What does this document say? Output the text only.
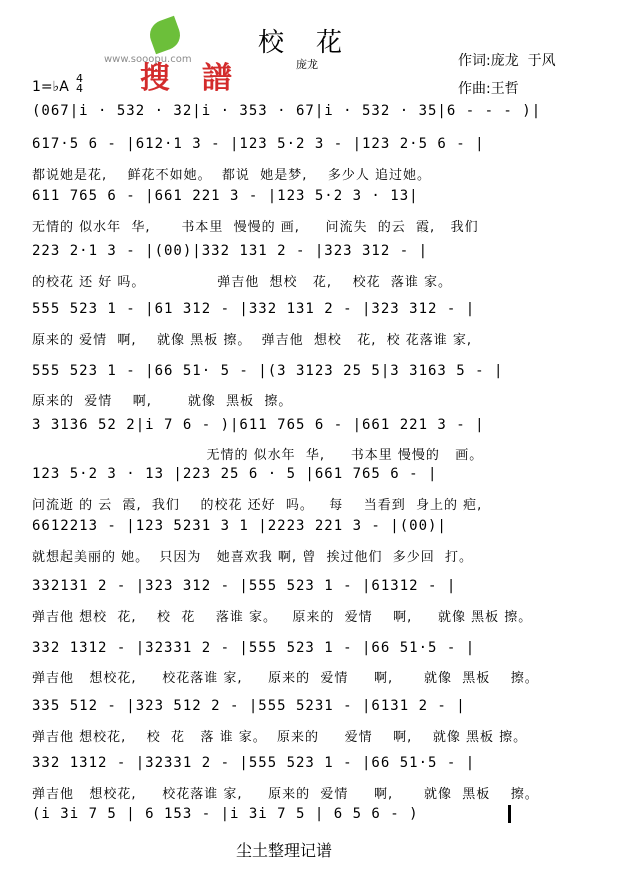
搜 譜

www.sooopu.com
校花
庞龙	作词:庞龙  于风
作曲:王哲
1=♭A
4
4
(067|i · 532 · 32|i · 353 · 67|i · 532 · 35|6 - - - )|
617·5 6 - |612·1 3 - |123 5·2 3 - |123 2·5 6 - |
都说她是花,    鲜花不如她。  都说  她是梦,    多少人 追过她。
611 765 6 - |661 221 3 - |123 5·2 3 · 13|
无情的 似水年  华,      书本里  慢慢的 画,     问流失  的云  霞,   我们
223 2·1 3 - |(00)|332 131 2 - |323 312 - |
的校花 还 好 吗。              弹吉他  想校   花,    校花  落谁 家。
555 523 1 - |61 312 - |332 131 2 - |323 312 - |
原来的 爱情  啊,    就像 黑板 擦。  弹吉他  想校   花,  校 花落谁 家,
555 523 1 - |66 51· 5 - |(3 3123 25 5|3 3163 5 - |
原来的  爱情    啊,       就像  黑板  擦。
3 3136 52 2|i 7 6 - )|611 765 6 - |661 221 3 - |
无情的 似水年  华,     书本里 慢慢的   画。
123 5·2 3 · 13 |223 25 6 · 5 |661 765 6 - |
问流逝 的 云  霞,  我们    的校花 还好  吗。   每    当看到  身上的 疤,
6612213 - |123 5231 3 1 |2223 221 3 - |(00)|
就想起美丽的 她。  只因为   她喜欢我 啊, 曾  挨过他们  多少回  打。
332131 2 - |323 312 - |555 523 1 - |61312 - |
弹吉他 想校  花,    校  花    落谁 家。   原来的  爱情    啊,     就像 黑板 擦。
332 1312 - |32331 2 - |555 523 1 - |66 51·5 - |
弹吉他   想校花,     校花落谁 家,     原来的  爱情     啊,      就像  黑板    擦。
335 512 - |323 512 2 - |555 5231 - |6131 2 - |
弹吉他 想校花,    校  花   落 谁 家。  原来的     爱情    啊,    就像 黑板 擦。
332 1312 - |32331 2 - |555 523 1 - |66 51·5 - |
弹吉他   想校花,     校花落谁 家,     原来的  爱情     啊,      就像  黑板    擦。
(i 3i 7 5 | 6 153 - |i 3i 7 5 | 6 5 6 - )
尘土整理记谱
